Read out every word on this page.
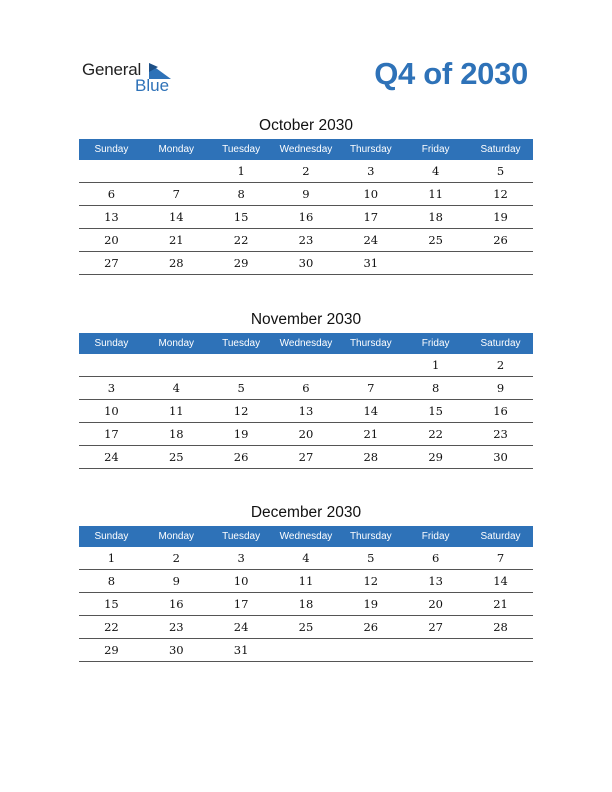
General
Blue	Q4 of 2030
October 2030
Sunday	Monday	Tuesday	Wednesday	Thursday	Friday	Saturday
		1	2	3	4	5
6	7	8	9	10	11	12
13	14	15	16	17	18	19
20	21	22	23	24	25	26
27	28	29	30	31		
November 2030
Sunday	Monday	Tuesday	Wednesday	Thursday	Friday	Saturday
					1	2
3	4	5	6	7	8	9
10	11	12	13	14	15	16
17	18	19	20	21	22	23
24	25	26	27	28	29	30
December 2030
Sunday	Monday	Tuesday	Wednesday	Thursday	Friday	Saturday
1	2	3	4	5	6	7
8	9	10	11	12	13	14
15	16	17	18	19	20	21
22	23	24	25	26	27	28
29	30	31				
